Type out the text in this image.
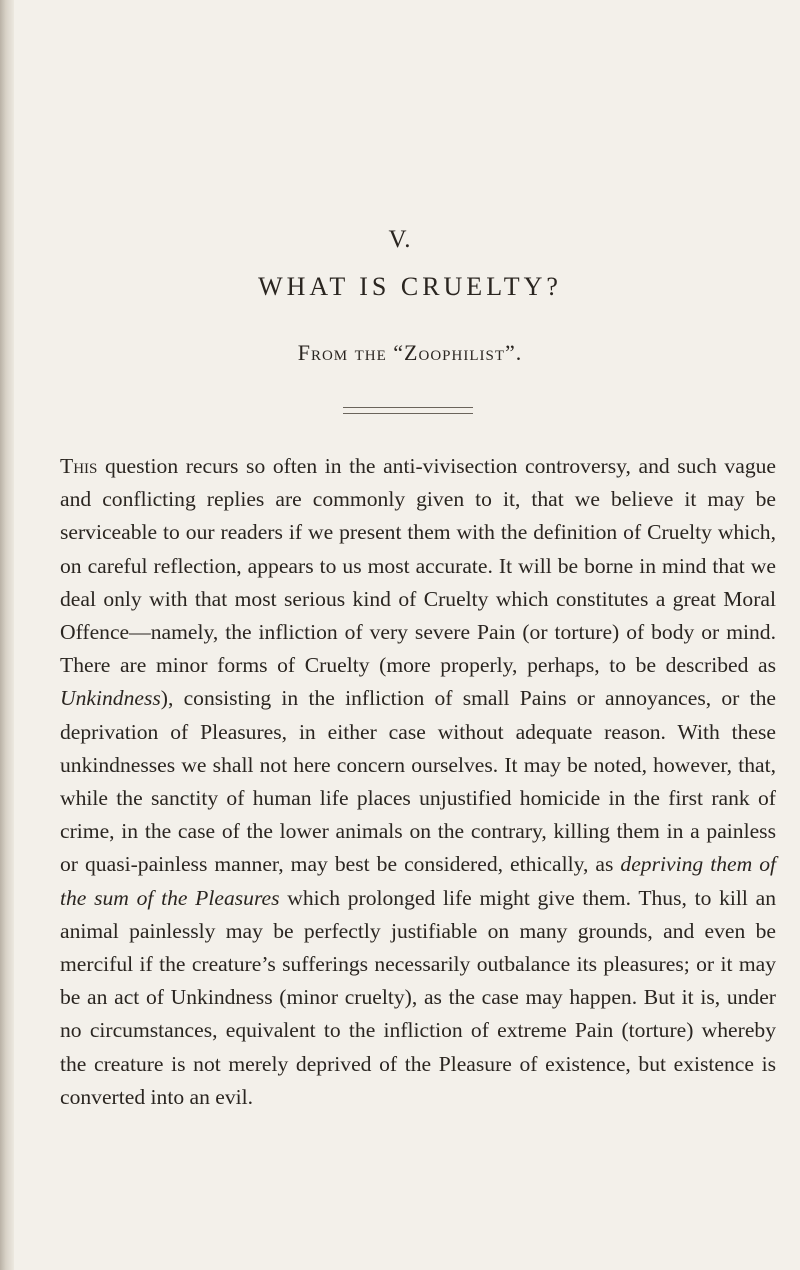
V.
WHAT IS CRUELTY?
From the “Zoophilist”.
This question recurs so often in the anti-vivisection controversy, and such vague and conflicting replies are commonly given to it, that we believe it may be serviceable to our readers if we present them with the definition of Cruelty which, on careful reflection, appears to us most accurate. It will be borne in mind that we deal only with that most serious kind of Cruelty which constitutes a great Moral Offence—namely, the infliction of very severe Pain (or torture) of body or mind. There are minor forms of Cruelty (more properly, perhaps, to be described as Unkindness), consisting in the infliction of small Pains or annoyances, or the deprivation of Pleasures, in either case without adequate reason. With these unkindnesses we shall not here concern ourselves. It may be noted, however, that, while the sanctity of human life places unjustified homicide in the first rank of crime, in the case of the lower animals on the contrary, killing them in a painless or quasi-painless manner, may best be considered, ethically, as depriving them of the sum of the Pleasures which prolonged life might give them. Thus, to kill an animal painlessly may be perfectly justifiable on many grounds, and even be merciful if the creature’s sufferings necessarily outbalance its pleasures; or it may be an act of Unkindness (minor cruelty), as the case may happen. But it is, under no circumstances, equivalent to the infliction of extreme Pain (torture) whereby the creature is not merely deprived of the Pleasure of existence, but existence is converted into an evil.
